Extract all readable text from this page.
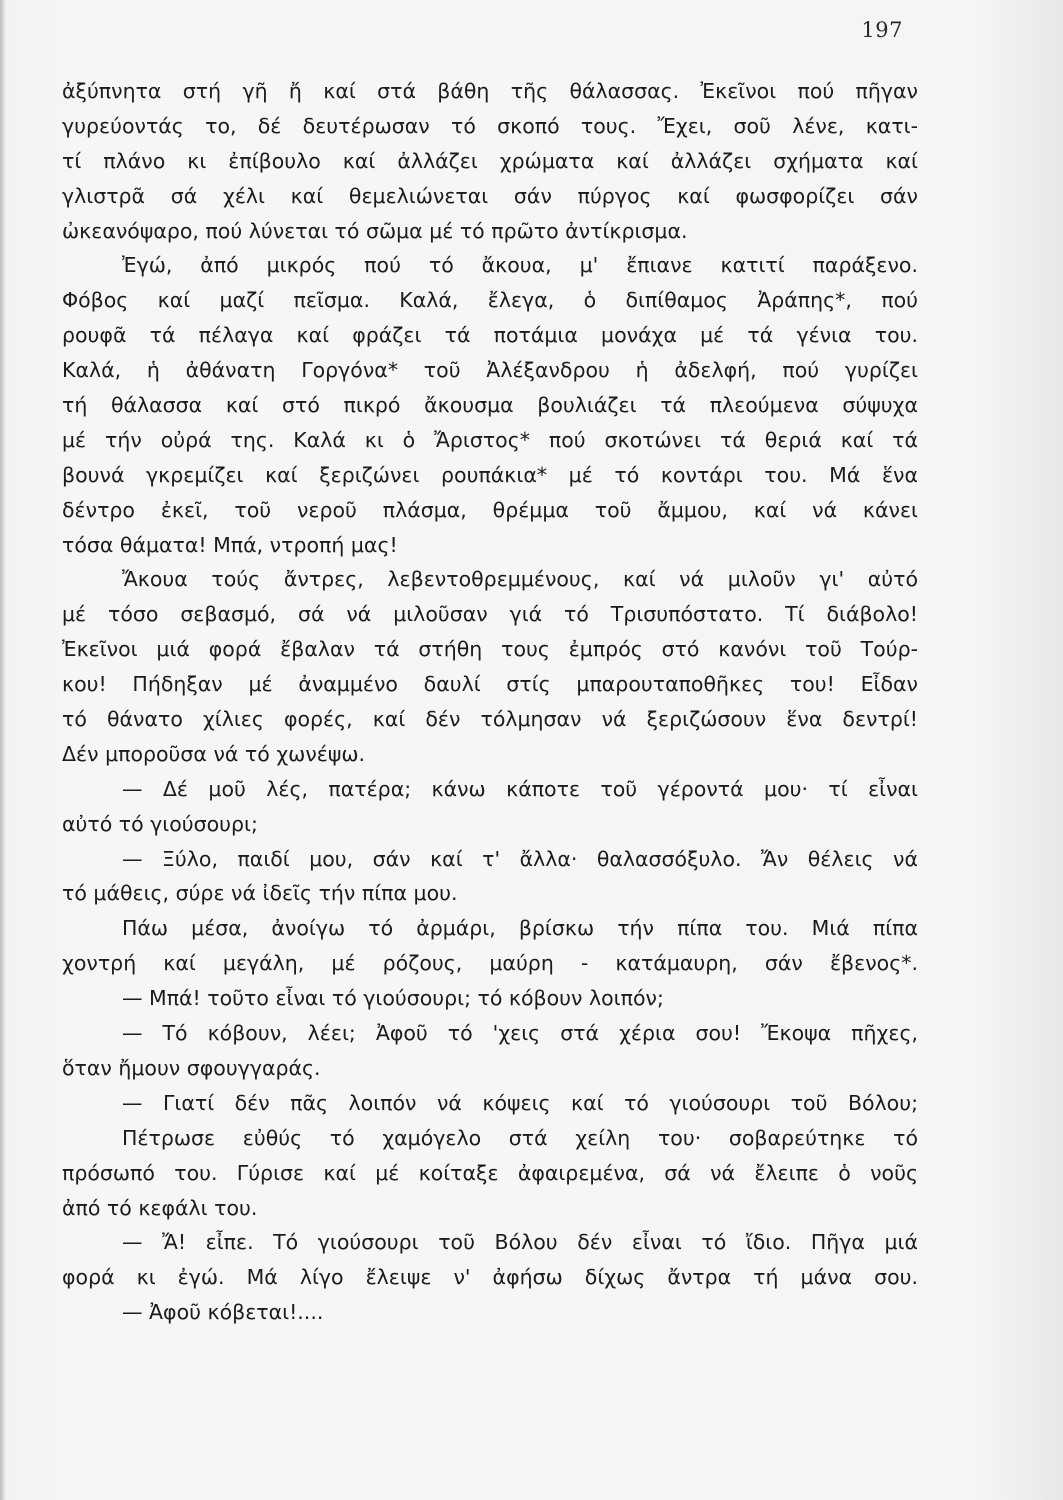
197
ἀξύπνητα στή γῆ ἤ καί στά βάθη τῆς θάλασσας. Ἐκεῖνοι πού πῆγαν
γυρεύοντάς το, δέ δευτέρωσαν τό σκοπό τους. Ἔχει, σοῦ λένε, κατι-
τί πλάνο κι ἐπίβουλο καί ἀλλάζει χρώματα καί ἀλλάζει σχήματα καί
γλιστρᾶ σά χέλι καί θεμελιώνεται σάν πύργος καί φωσφορίζει σάν
ὠκεανόψαρο, πού λύνεται τό σῶμα μέ τό πρῶτο ἀντίκρισμα.
Ἐγώ, ἀπό μικρός πού τό ἄκουα, μ' ἔπιανε κατιτί παράξενο.
Φόβος καί μαζί πεῖσμα. Καλά, ἔλεγα, ὁ διπίθαμος Ἀράπης*, πού
ρουφᾶ τά πέλαγα καί φράζει τά ποτάμια μονάχα μέ τά γένια του.
Καλά, ἡ ἀθάνατη Γοργόνα* τοῦ Ἀλέξανδρου ἡ ἀδελφή, πού γυρίζει
τή θάλασσα καί στό πικρό ἄκουσμα βουλιάζει τά πλεούμενα σύψυχα
μέ τήν οὐρά της. Καλά κι ὁ Ἄριστος* πού σκοτώνει τά θεριά καί τά
βουνά γκρεμίζει καί ξεριζώνει ρουπάκια* μέ τό κοντάρι του. Μά ἕνα
δέντρο ἐκεῖ, τοῦ νεροῦ πλάσμα, θρέμμα τοῦ ἄμμου, καί νά κάνει
τόσα θάματα! Μπά, ντροπή μας!
Ἄκουα τούς ἄντρες, λεβεντοθρεμμένους, καί νά μιλοῦν γι' αὐτό
μέ τόσο σεβασμό, σά νά μιλοῦσαν γιά τό Τρισυπόστατο. Τί διάβολο!
Ἐκεῖνοι μιά φορά ἔβαλαν τά στήθη τους ἐμπρός στό κανόνι τοῦ Τούρ-
κου! Πήδηξαν μέ ἀναμμένο δαυλί στίς μπαρουταποθῆκες του! Εἶδαν
τό θάνατο χίλιες φορές, καί δέν τόλμησαν νά ξεριζώσουν ἕνα δεντρί!
Δέν μποροῦσα νά τό χωνέψω.
— Δέ μοῦ λές, πατέρα; κάνω κάποτε τοῦ γέροντά μου· τί εἶναι
αὐτό τό γιούσουρι;
— Ξύλο, παιδί μου, σάν καί τ' ἄλλα· θαλασσόξυλο. Ἄν θέλεις νά
τό μάθεις, σύρε νά ἰδεῖς τήν πίπα μου.
Πάω μέσα, ἀνοίγω τό ἀρμάρι, βρίσκω τήν πίπα του. Μιά πίπα
χοντρή καί μεγάλη, μέ ρόζους, μαύρη - κατάμαυρη, σάν ἔβενος*.
— Μπά! τοῦτο εἶναι τό γιούσουρι; τό κόβουν λοιπόν;
— Τό κόβουν, λέει; Ἀφοῦ τό 'χεις στά χέρια σου! Ἔκοψα πῆχες,
ὅταν ἤμουν σφουγγαράς.
— Γιατί δέν πᾶς λοιπόν νά κόψεις καί τό γιούσουρι τοῦ Βόλου;
Πέτρωσε εὐθύς τό χαμόγελο στά χείλη του· σοβαρεύτηκε τό
πρόσωπό του. Γύρισε καί μέ κοίταξε ἀφαιρεμένα, σά νά ἔλειπε ὁ νοῦς
ἀπό τό κεφάλι του.
— Ἄ! εἶπε. Τό γιούσουρι τοῦ Βόλου δέν εἶναι τό ἴδιο. Πῆγα μιά
φορά κι ἐγώ. Μά λίγο ἔλειψε ν' ἀφήσω δίχως ἄντρα τή μάνα σου.
— Ἀφοῦ κόβεται!....
